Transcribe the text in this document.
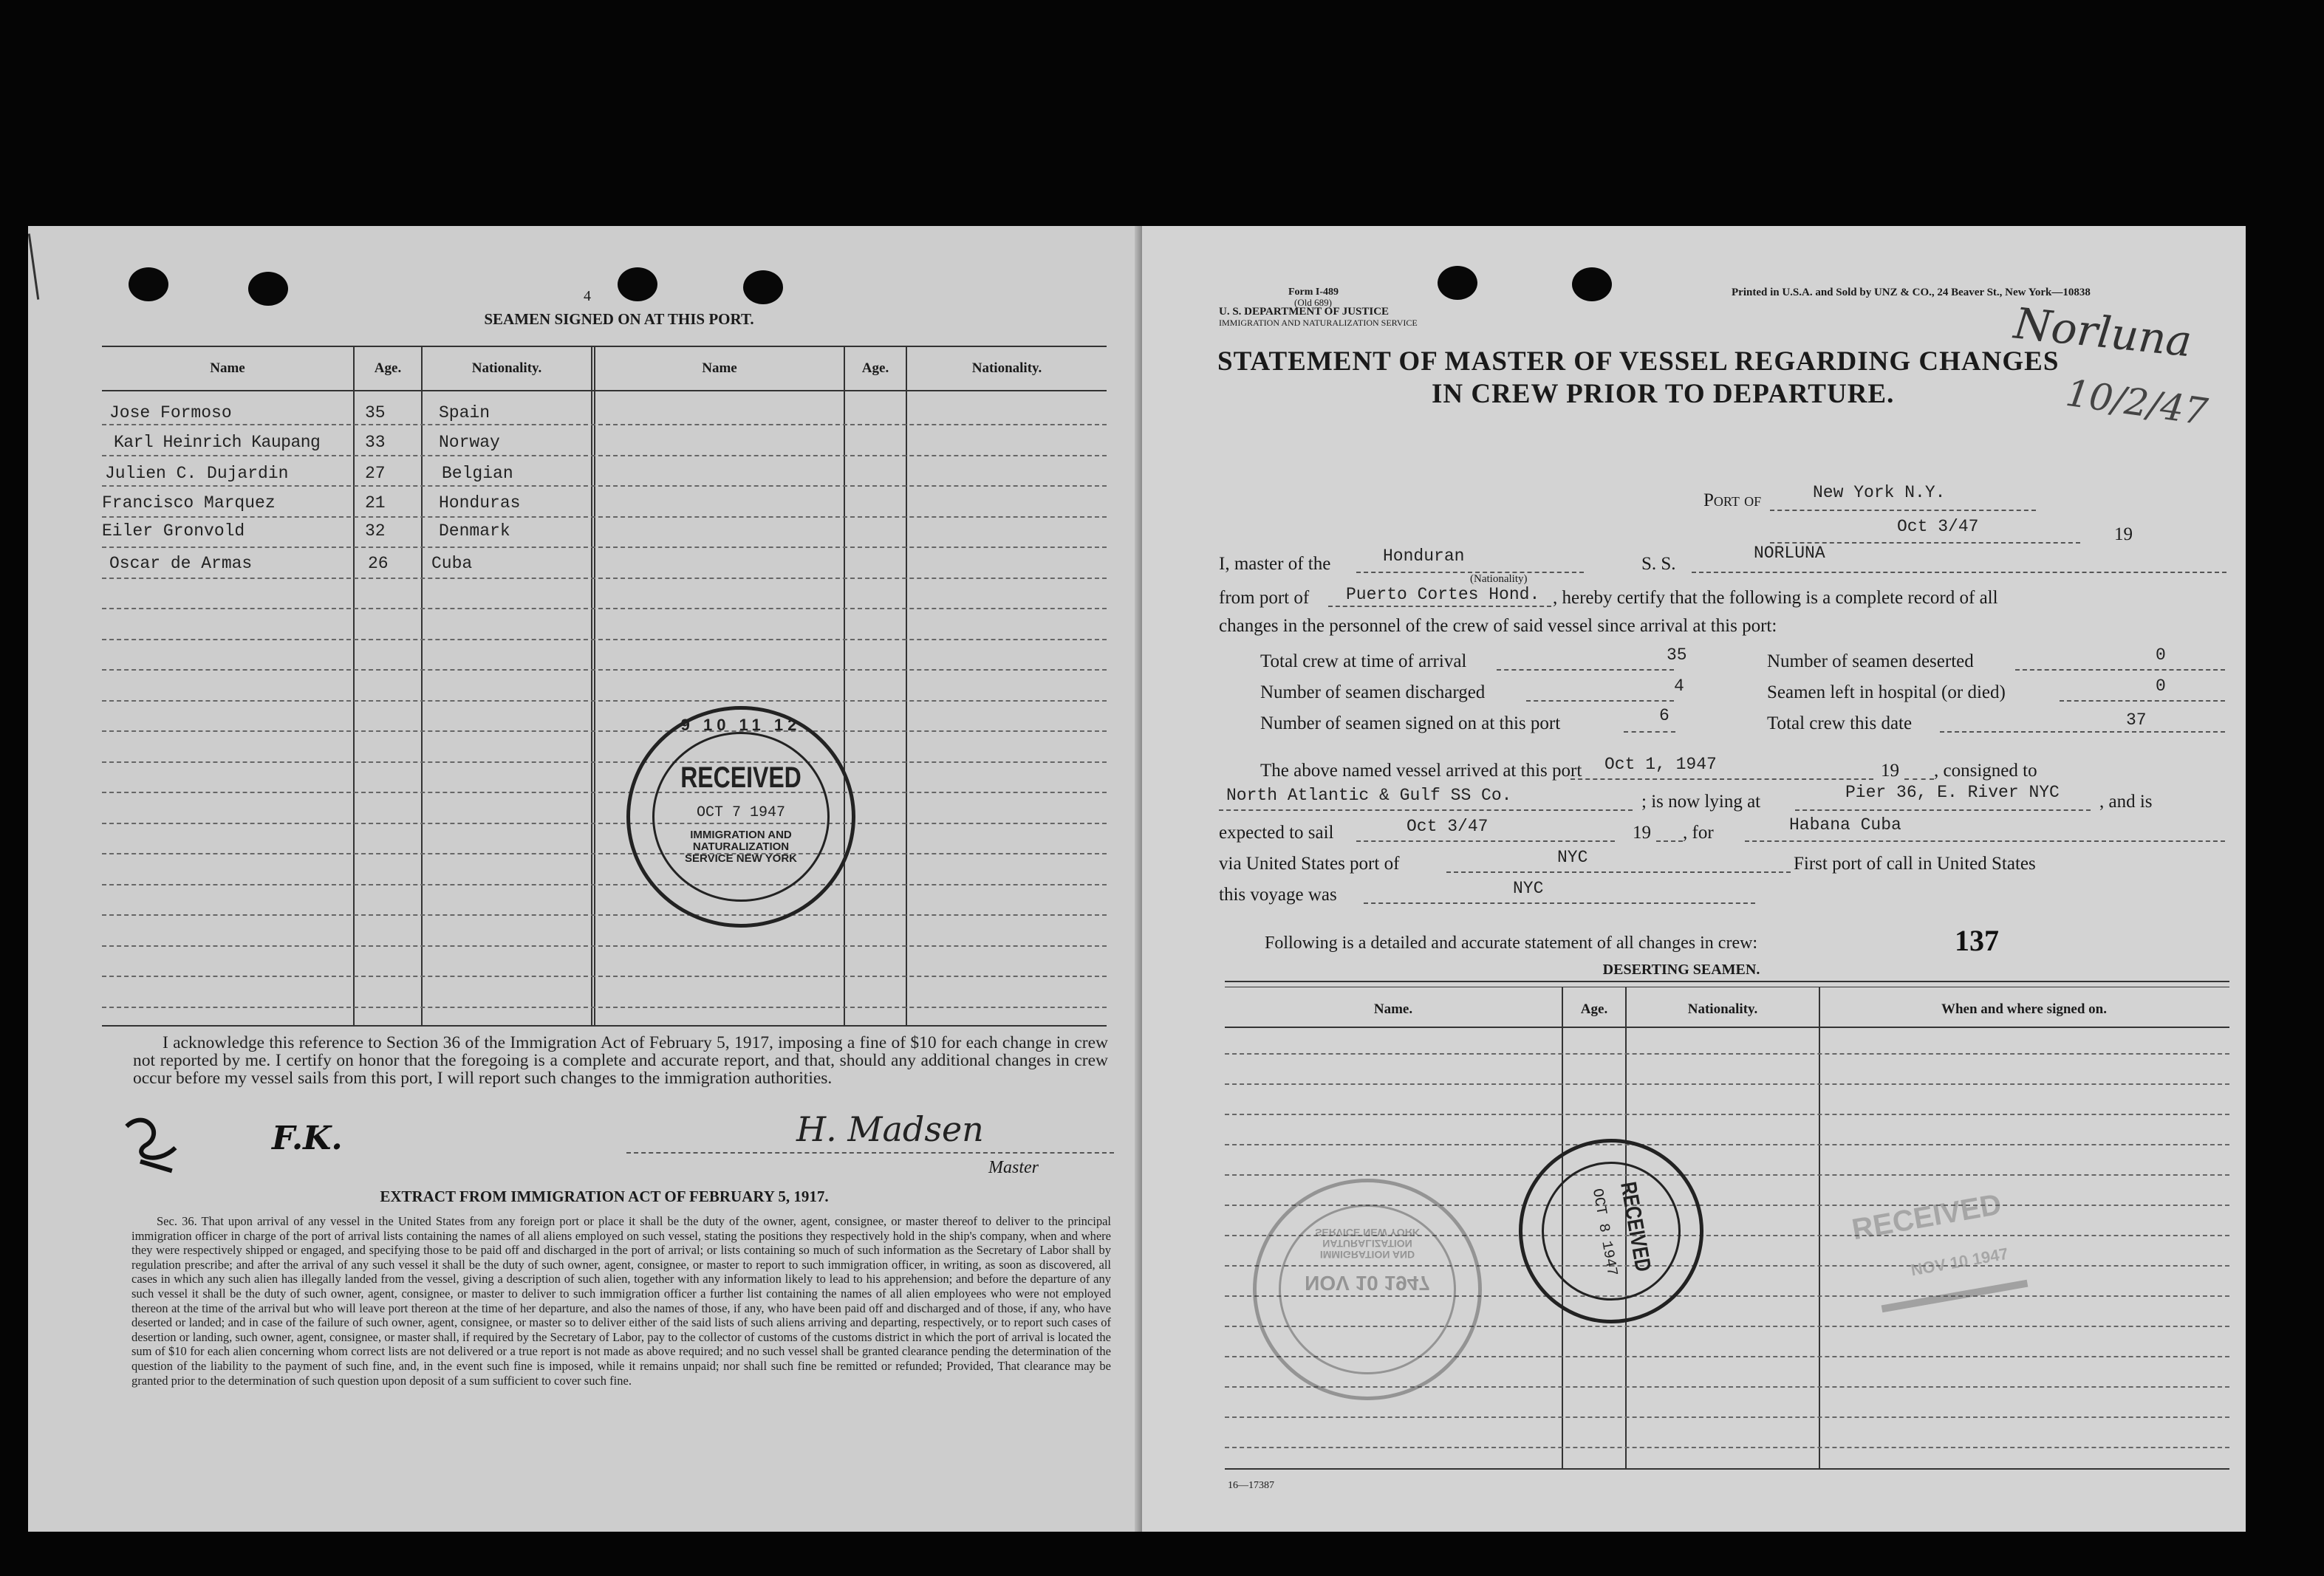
4
SEAMEN SIGNED ON AT THIS PORT.
Name	Age.	Nationality.	Name	Age.	Nationality.
Jose Formoso	35	Spain
Karl Heinrich Kaupang	33	Norway
Julien C. Dujardin	27	Belgian
Francisco Marquez	21	Honduras
Eiler Gronvold	32	Denmark
Oscar de Armas	26	Cuba
9 10 11 12
RECEIVED
OCT 7 1947
IMMIGRATION AND NATURALIZATION SERVICE NEW YORK
I acknowledge this reference to Section 36 of the Immigration Act of February 5, 1917, imposing a fine of $10 for each change in crew not reported by me. I certify on honor that the foregoing is a complete and accurate report, and that, should any additional changes in crew occur before my vessel sails from this port, I will report such changes to the immigration authorities.
F.K.	H. Madsen
Master
EXTRACT FROM IMMIGRATION ACT OF FEBRUARY 5, 1917.
Sec. 36. That upon arrival of any vessel in the United States from any foreign port or place it shall be the duty of the owner, agent, consignee, or master thereof to deliver to the principal immigration officer in charge of the port of arrival lists containing the names of all aliens employed on such vessel, stating the positions they respectively hold in the ship's company, when and where they were respectively shipped or engaged, and specifying those to be paid off and discharged in the port of arrival; or lists containing so much of such information as the Secretary of Labor shall by regulation prescribe; and after the arrival of any such vessel it shall be the duty of such owner, agent, consignee, or master to report to such immigration officer, in writing, as soon as discovered, all cases in which any such alien has illegally landed from the vessel, giving a description of such alien, together with any information likely to lead to his apprehension; and before the departure of any such vessel it shall be the duty of such owner, agent, consignee, or master to deliver to such immigration officer a further list containing the names of all alien employees who were not employed thereon at the time of the arrival but who will leave port thereon at the time of her departure, and also the names of those, if any, who have been paid off and discharged and of those, if any, who have deserted or landed; and in case of the failure of such owner, agent, consignee, or master so to deliver either of the said lists of such aliens arriving and departing, respectively, or to report such cases of desertion or landing, such owner, agent, consignee, or master shall, if required by the Secretary of Labor, pay to the collector of customs of the customs district in which the port of arrival is located the sum of $10 for each alien concerning whom correct lists are not delivered or a true report is not made as above required; and no such vessel shall be granted clearance pending the determination of the question of the liability to the payment of such fine, and, in the event such fine is imposed, while it remains unpaid; nor shall such fine be remitted or refunded; Provided, That clearance may be granted prior to the determination of such question upon deposit of a sum sufficient to cover such fine.
Form I-489
(Old 689)
U. S. DEPARTMENT OF JUSTICE
IMMIGRATION AND NATURALIZATION SERVICE
Printed in U.S.A. and Sold by UNZ & CO., 24 Beaver St., New York—10838
Norluna
10/2/47
STATEMENT OF MASTER OF VESSEL REGARDING CHANGES
IN CREW PRIOR TO DEPARTURE.
Port of	New York N.Y.
Oct 3/47	19
I, master of the	Honduran
(Nationality)
S. S.
NORLUNA
from port of Puerto Cortes Hond. , hereby certify that the following is a complete record of all
changes in the personnel of the crew of said vessel since arrival at this port:
Total crew at time of arrival	35
Number of seamen discharged	4
Number of seamen signed on at this port	6
Number of seamen deserted	0
Seamen left in hospital (or died)	0
Total crew this date	37
The above named vessel arrived at this port Oct 1, 1947	19 , consigned to
North Atlantic & Gulf SS Co.	; is now lying at	Pier 36, E. River NYC , and is
expected to sail	Oct 3/47	19 , for	Habana Cuba
via United States port of	NYC	First port of call in United States
this voyage was	NYC
Following is a detailed and accurate statement of all changes in crew:	137
DESERTING SEAMEN.
Name.	Age.	Nationality.	When and where signed on.
NOV 10 1947
IMMIGRATION AND NATURALIZATION SERVICE NEW YORK	RECEIVED
OCT 8 1947	RECEIVED
NOV 10 1947
16—17387
